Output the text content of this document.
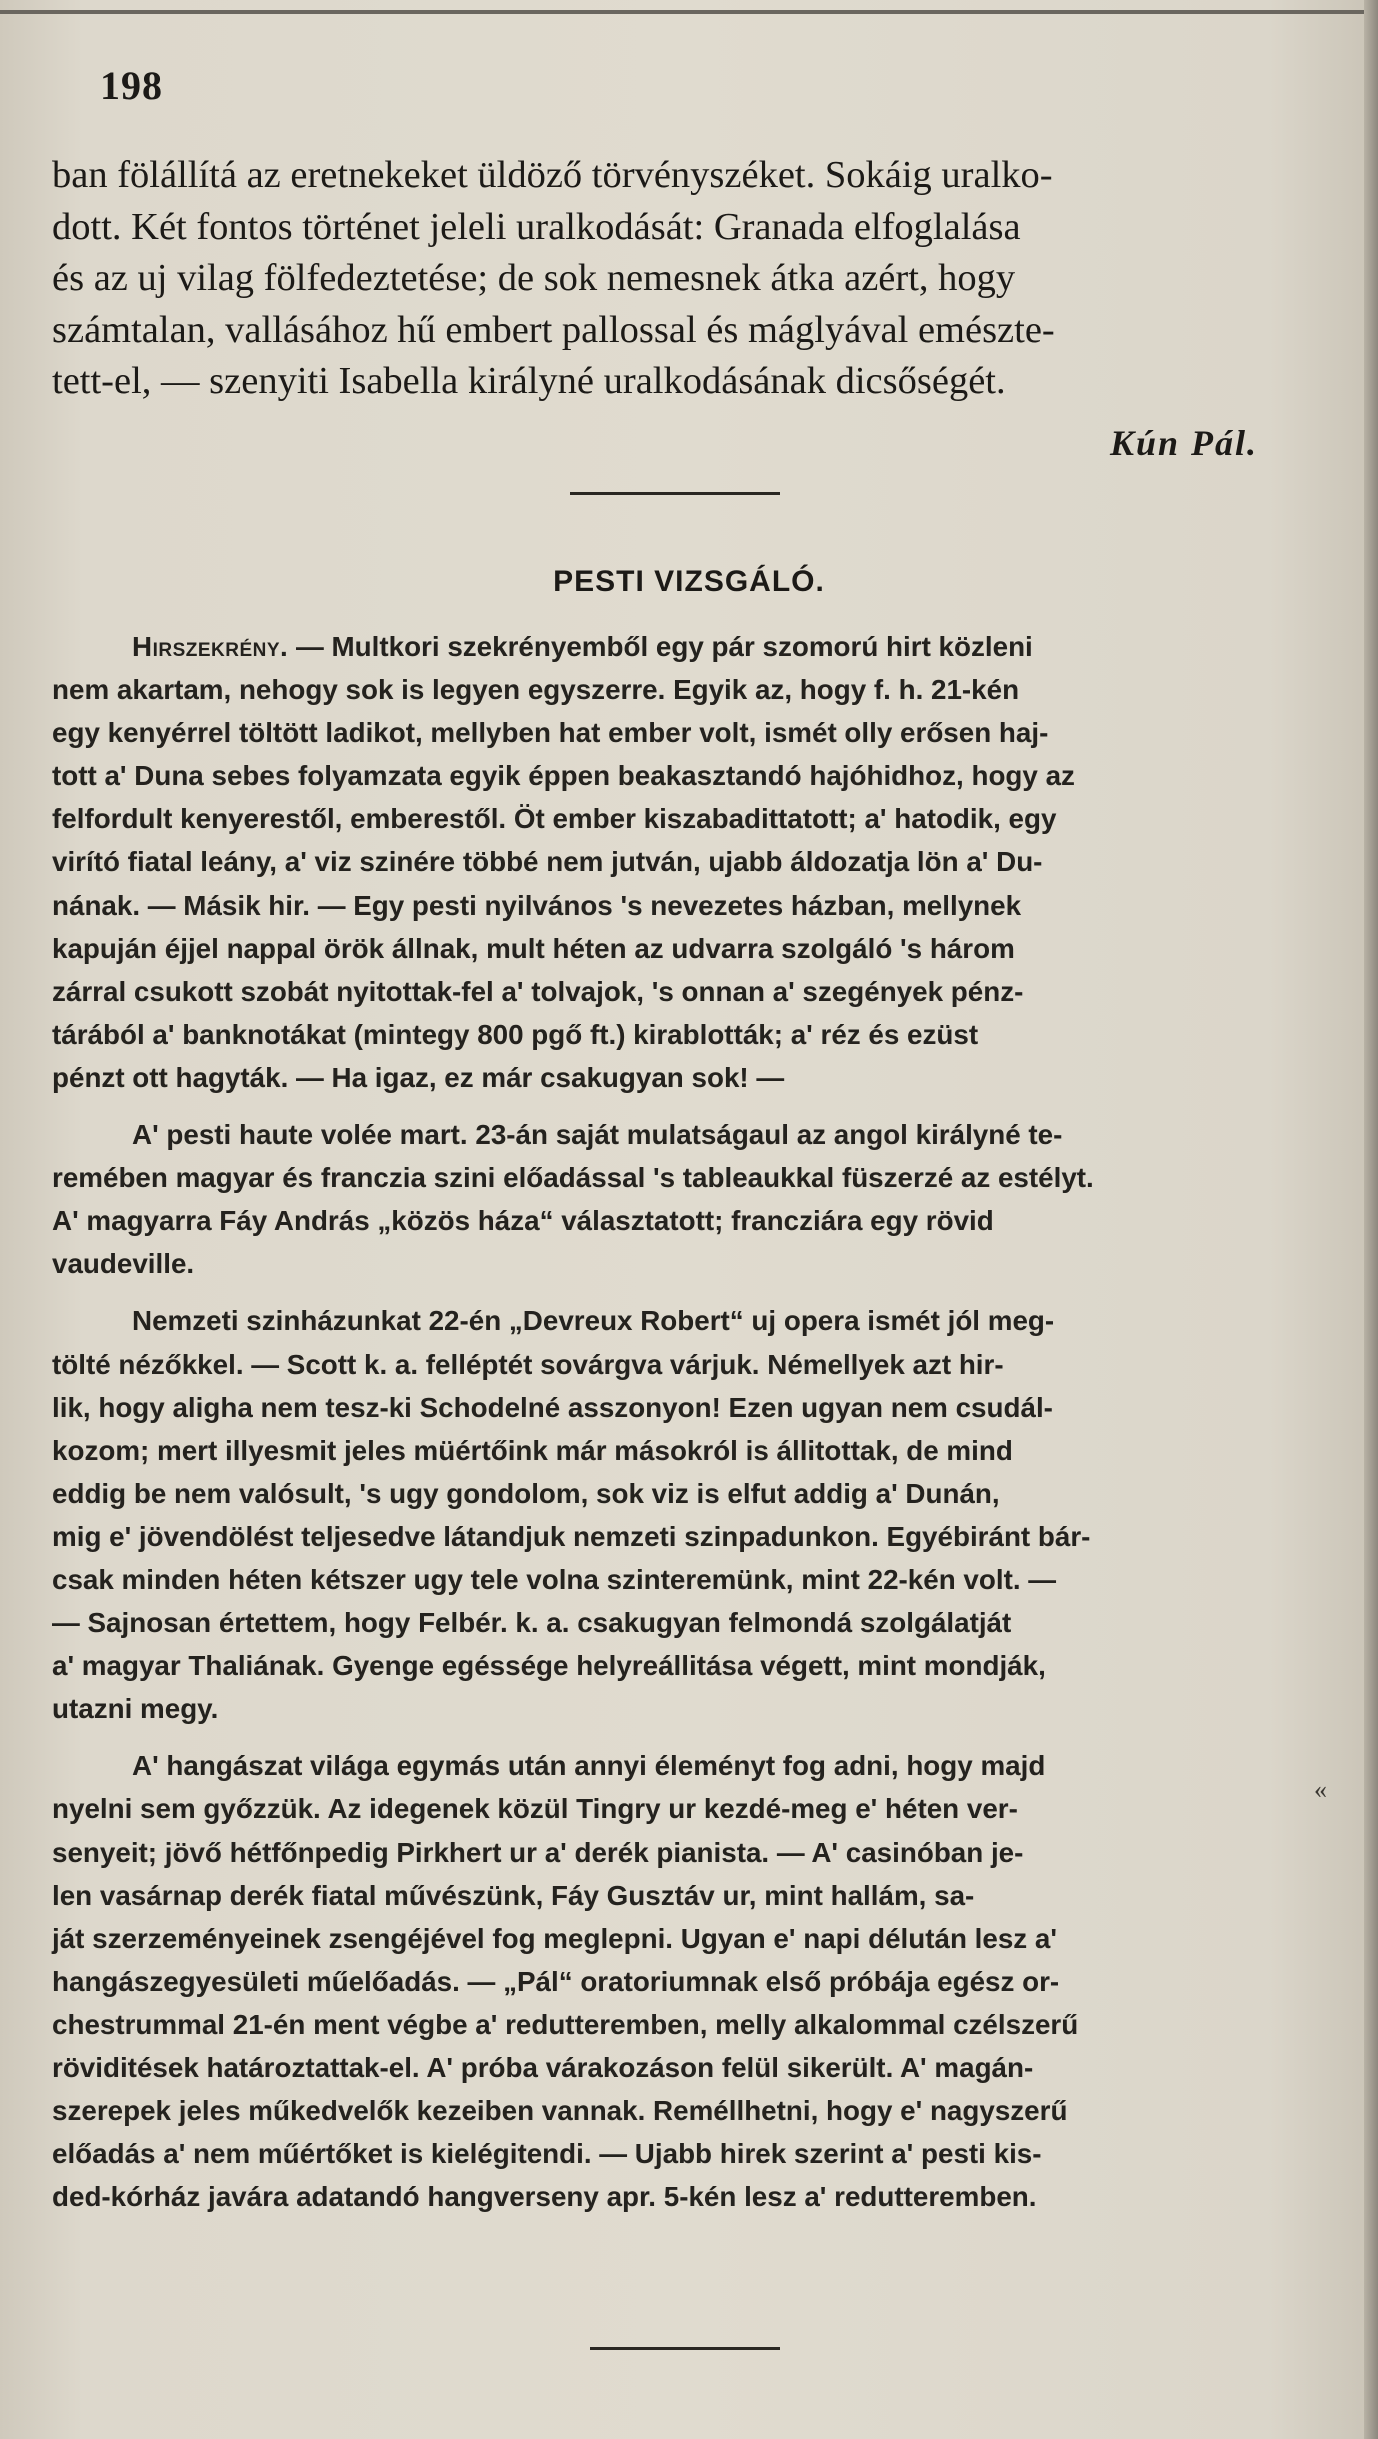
198

ban fölállítá az eretnekeket üldöző törvényszéket. Sokáig uralko-

dott. Két fontos történet jeleli uralkodását: Granada elfoglalása

és az uj vilag fölfedeztetése; de sok nemesnek átka azért, hogy

számtalan, vallásához hű embert pallossal és máglyával emészte-

tett-el, — szenyiti Isabella királyné uralkodásának dicsőségét.

Kún Pál.
PESTI VIZSGÁLÓ.

Hirszekrény. — Multkori szekrényemből egy pár szomorú hirt közleni

nem akartam, nehogy sok is legyen egyszerre. Egyik az, hogy f. h. 21-kén

egy kenyérrel töltött ladikot, mellyben hat ember volt, ismét olly erősen haj-

tott a' Duna sebes folyamzata egyik éppen beakasztandó hajóhidhoz, hogy az

felfordult kenyerestől, emberestől. Öt ember kiszabadittatott; a' hatodik, egy

virító fiatal leány, a' viz szinére többé nem jutván, ujabb áldozatja lön a' Du-

nának. — Másik hir. — Egy pesti nyilvános 's nevezetes házban, mellynek

kapuján éjjel nappal örök állnak, mult héten az udvarra szolgáló 's három

zárral csukott szobát nyitottak-fel a' tolvajok, 's onnan a' szegények pénz-

tárából a' banknotákat (mintegy 800 pgő ft.) kirablották; a' réz és ezüst

pénzt ott hagyták. — Ha igaz, ez már csakugyan sok! —

A' pesti haute volée mart. 23-án saját mulatságaul az angol királyné te-

remében magyar és franczia szini előadással 's tableaukkal füszerzé az estélyt.

A' magyarra Fáy András „közös háza“ választatott; francziára egy rövid

vaudeville.

Nemzeti szinházunkat 22-én „Devreux Robert“ uj opera ismét jól meg-

tölté nézőkkel. — Scott k. a. felléptét sovárgva várjuk. Némellyek azt hir-

lik, hogy aligha nem tesz-ki Schodelné asszonyon! Ezen ugyan nem csudál-

kozom; mert illyesmit jeles müértőink már másokról is állitottak, de mind

eddig be nem valósult, 's ugy gondolom, sok viz is elfut addig a' Dunán,

mig e' jövendölést teljesedve látandjuk nemzeti szinpadunkon. Egyébiránt bár-

csak minden héten kétszer ugy tele volna szinteremünk, mint 22-kén volt. —

— Sajnosan értettem, hogy Felbér. k. a. csakugyan felmondá szolgálatját

a' magyar Thaliának. Gyenge egéssége helyreállitása végett, mint mondják,

utazni megy.

A' hangászat világa egymás után annyi éleményt fog adni, hogy majd

nyelni sem győzzük. Az idegenek közül Tingry ur kezdé-meg e' héten ver-

senyeit; jövő hétfőnpedig Pirkhert ur a' derék pianista. — A' casinóban je-

len vasárnap derék fiatal művészünk, Fáy Gusztáv ur, mint hallám, sa-

ját szerzeményeinek zsengéjével fog meglepni. Ugyan e' napi délután lesz a'

hangászegyesületi műelőadás. — „Pál“ oratoriumnak első próbája egész or-

chestrummal 21-én ment végbe a' redutteremben, melly alkalommal czélszerű

röviditések határoztattak-el. A' próba várakozáson felül sikerült. A' magán-

szerepek jeles műkedvelők kezeiben vannak. Reméllhetni, hogy e' nagyszerű

előadás a' nem műértőket is kielégitendi. — Ujabb hirek szerint a' pesti kis-

ded-kórház javára adatandó hangverseny apr. 5-kén lesz a' redutteremben.

«
